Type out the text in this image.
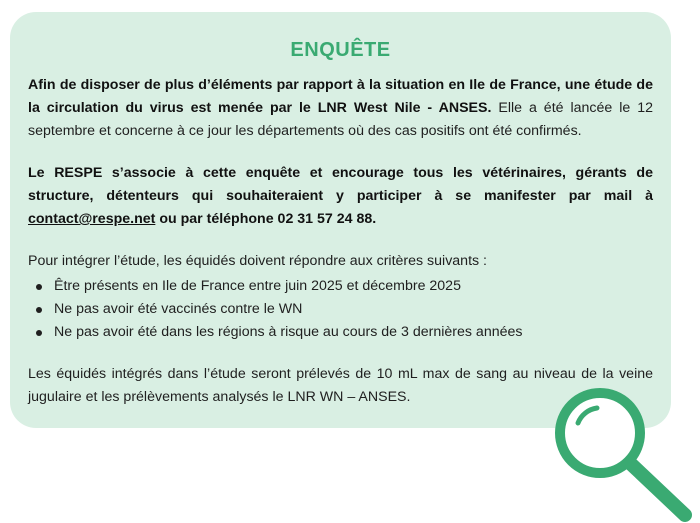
ENQUÊTE

Afin de disposer de plus d’éléments par rapport à la situation en Ile de France, une étude de la circulation du virus est menée par le LNR West Nile - ANSES. Elle a été lancée le 12 septembre et concerne à ce jour les départements où des cas positifs ont été confirmés.

Le RESPE s’associe à cette enquête et encourage tous les vétérinaires, gérants de structure, détenteurs qui souhaiteraient y participer à se manifester par mail à contact@respe.net ou par téléphone 02 31 57 24 88.

Pour intégrer l’étude, les équidés doivent répondre aux critères suivants :

Être présents en Ile de France entre juin 2025 et décembre 2025
Ne pas avoir été vaccinés contre le WN
Ne pas avoir été dans les régions à risque au cours de 3 dernières années

Les équidés intégrés dans l’étude seront prélevés de 10 mL max de sang au niveau de la veine jugulaire et les prélèvements analysés le LNR WN – ANSES.
